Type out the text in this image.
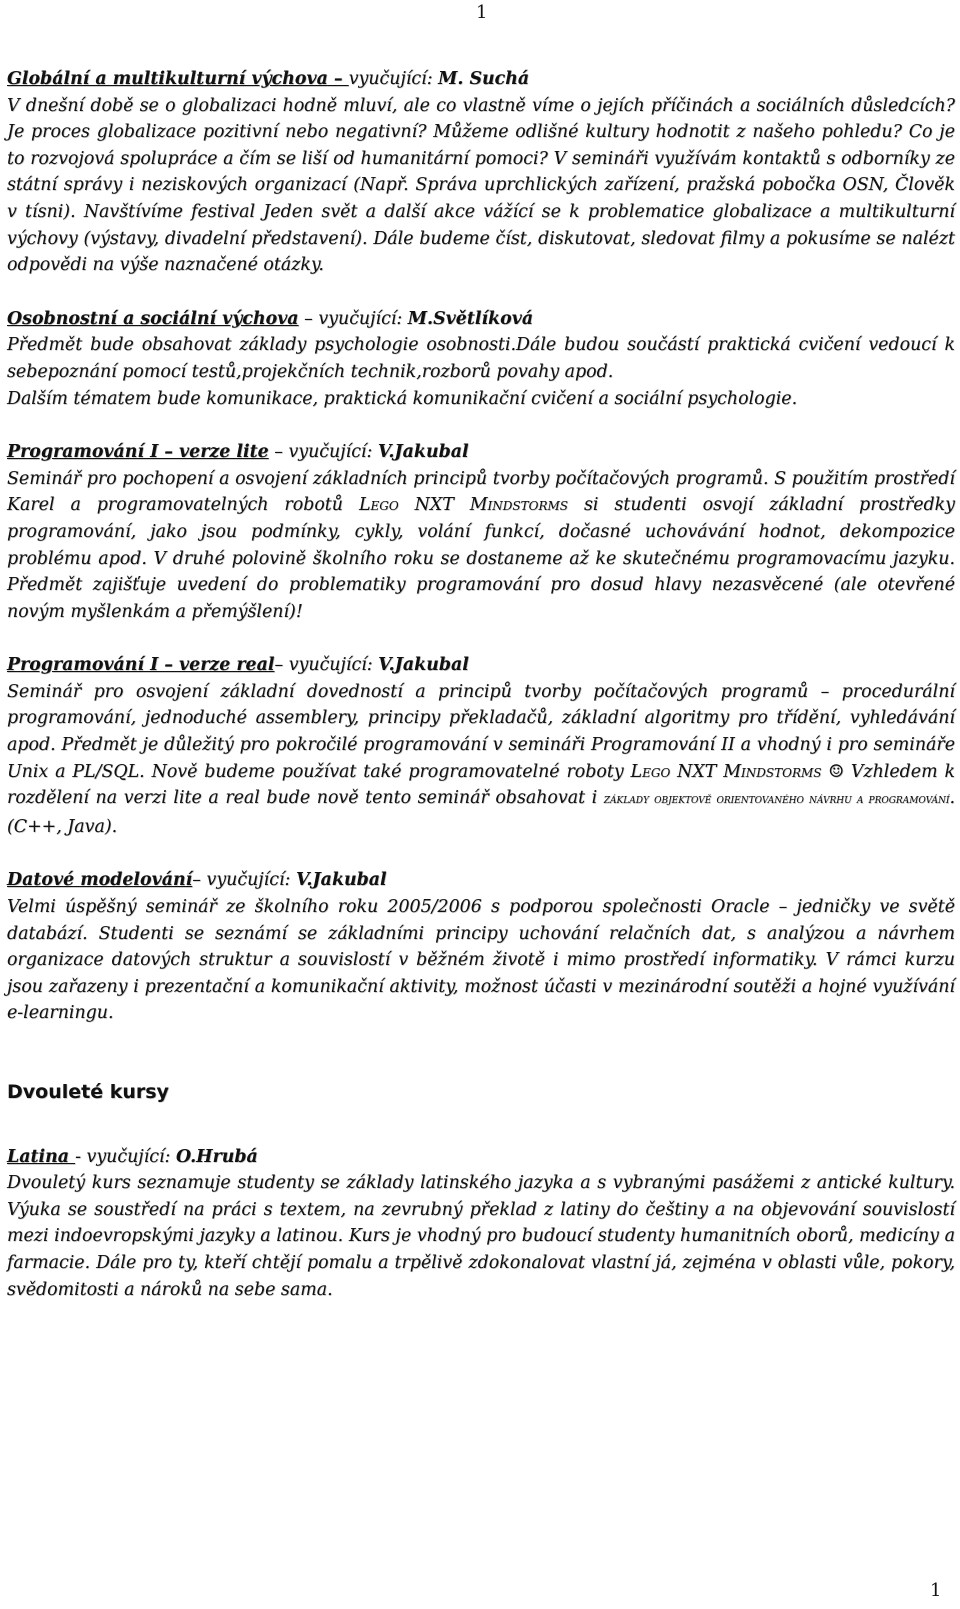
1
Globální a multikulturní výchova – vyučující: M. Suchá
V dnešní době se o globalizaci hodně mluví, ale co vlastně víme o jejích příčinách a sociálních důsledcích? Je proces globalizace pozitivní nebo negativní? Můžeme odlišné kultury hodnotit z našeho pohledu? Co je to rozvojová spolupráce a čím se liší od humanitární pomoci? V semináři využívám kontaktů s odborníky ze státní správy i neziskových organizací (Např. Správa uprchlických zařízení, pražská pobočka OSN, Člověk v tísni). Navštívíme festival Jeden svět a další akce vážící se k problematice globalizace a multikulturní výchovy (výstavy, divadelní představení). Dále budeme číst, diskutovat, sledovat filmy a pokusíme se nalézt odpovědi na výše naznačené otázky.
Osobnostní a sociální výchova – vyučující: M.Světlíková
Předmět bude obsahovat základy psychologie osobnosti.Dále budou součástí praktická cvičení vedoucí k sebepoznání pomocí testů,projekčních technik,rozborů povahy apod.
Dalším tématem bude komunikace, praktická komunikační cvičení a sociální psychologie.
Programování I – verze lite – vyučující: V.Jakubal
Seminář pro pochopení a osvojení základních principů tvorby počítačových programů. S použitím prostředí Karel a programovatelných robotů Lego NXT Mindstorms si studenti osvojí základní prostředky programování, jako jsou podmínky, cykly, volání funkcí, dočasné uchovávání hodnot, dekompozice problému apod. V druhé polovině školního roku se dostaneme až ke skutečnému programovacímu jazyku. Předmět zajišťuje uvedení do problematiky programování pro dosud hlavy nezasvěcené (ale otevřené novým myšlenkám a přemýšlení)!
Programování I – verze real– vyučující: V.Jakubal
Seminář pro osvojení základní dovedností a principů tvorby počítačových programů – procedurální programování, jednoduché assemblery, principy překladačů, základní algoritmy pro třídění, vyhledávání apod. Předmět je důležitý pro pokročilé programování v semináři Programování II a vhodný i pro semináře Unix a PL/SQL. Nově budeme používat také programovatelné roboty Lego NXT Mindstorms ☺ Vzhledem k rozdělení na verzi lite a real bude nově tento seminář obsahovat i základy objektově orientovaného návrhu a programování. (C++, Java).
Datové modelování– vyučující: V.Jakubal
Velmi úspěšný seminář ze školního roku 2005/2006 s podporou společnosti Oracle – jedničky ve světě databází. Studenti se seznámí se základními principy uchování relačních dat, s analýzou a návrhem organizace datových struktur a souvislostí v běžném životě i mimo prostředí informatiky. V rámci kurzu jsou zařazeny i prezentační a komunikační aktivity, možnost účasti v mezinárodní soutěži a hojné využívání e-learningu.
Dvouleté kursy
Latina - vyučující: O.Hrubá
Dvouletý kurs seznamuje studenty se základy latinského jazyka a s vybranými pasážemi z antické kultury. Výuka se soustředí na práci s textem, na zevrubný překlad z latiny do češtiny a na objevování souvislostí mezi indoevropskými jazyky a latinou. Kurs je vhodný pro budoucí studenty humanitních oborů, medicíny a farmacie. Dále pro ty, kteří chtějí pomalu a trpělivě zdokonalovat vlastní já, zejména v oblasti vůle, pokory, svědomitosti a nároků na sebe sama.
1
